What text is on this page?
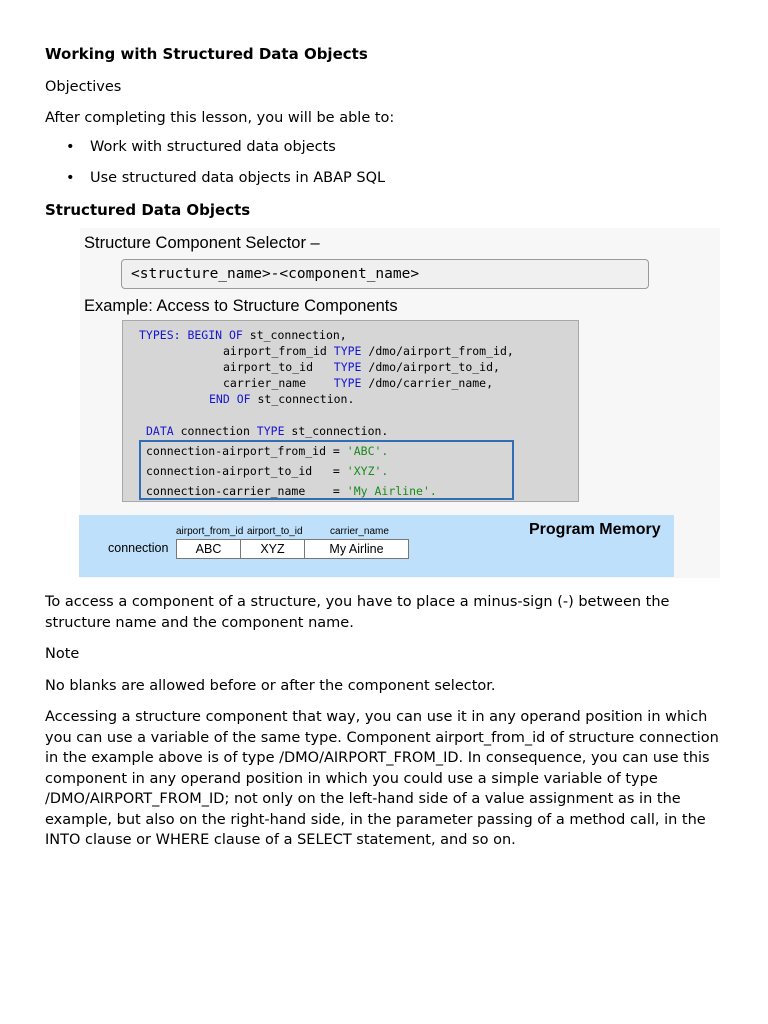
Working with Structured Data Objects
Objectives
After completing this lesson, you will be able to:
• Work with structured data objects
• Use structured data objects in ABAP SQL
Structured Data Objects
Structure Component Selector –
<structure_name>-<component_name>
Example: Access to Structure Components
TYPES: BEGIN OF st_connection,
airport_from_id TYPE /dmo/airport_from_id,
airport_to_id   TYPE /dmo/airport_to_id,
carrier_name    TYPE /dmo/carrier_name,
END OF st_connection.
DATA connection TYPE st_connection.
connection-airport_from_id = 'ABC'.
connection-airport_to_id   = 'XYZ'.
connection-carrier_name    = 'My Airline'.
Program Memory
airport_from_id airport_to_id	carrier_name
connection	ABC	XYZ	My Airline
To access a component of a structure, you have to place a minus-sign (-) between the structure name and the component name.
Note
No blanks are allowed before or after the component selector.
Accessing a structure component that way, you can use it in any operand position in which you can use a variable of the same type. Component airport_from_id of structure connection in the example above is of type /DMO/AIRPORT_FROM_ID. In consequence, you can use this component in any operand position in which you could use a simple variable of type /DMO/AIRPORT_FROM_ID; not only on the left-hand side of a value assignment as in the example, but also on the right-hand side, in the parameter passing of a method call, in the INTO clause or WHERE clause of a SELECT statement, and so on.
